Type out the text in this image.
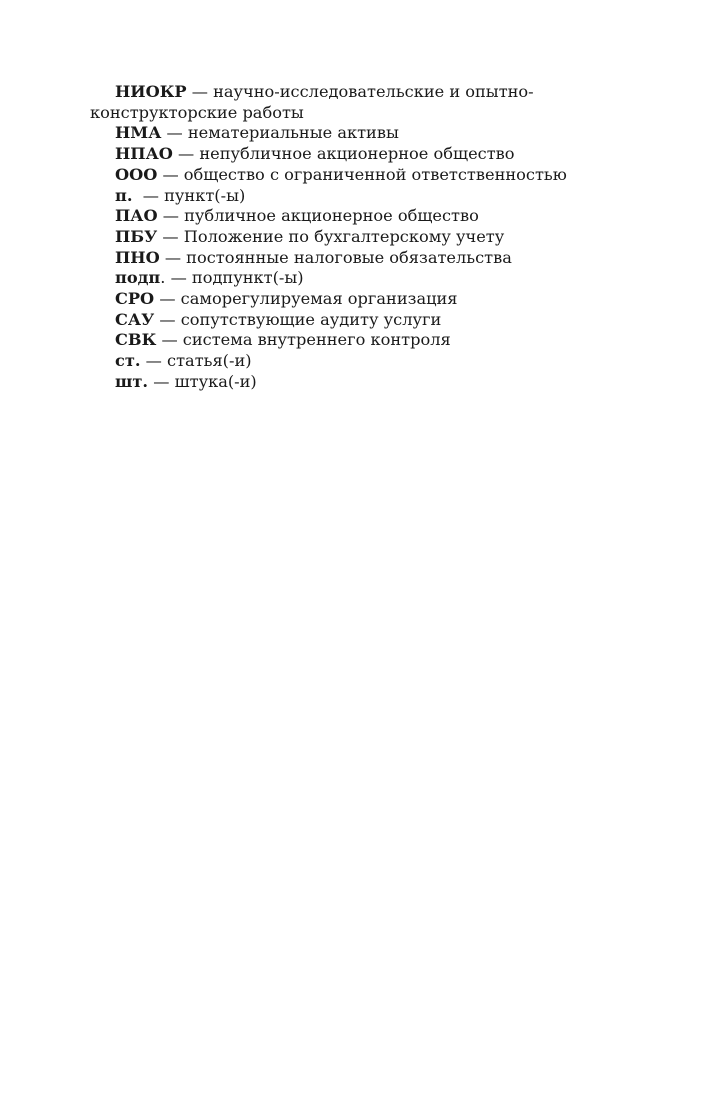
НИОКР — научно-исследовательские и опытно-конструкторские работы

НМА — нематериальные активы

НПАО — непубличное акционерное общество

ООО — общество с ограниченной ответственностью

п.  — пункт(-ы)

ПАО — публичное акционерное общество

ПБУ — Положение по бухгалтерскому учету

ПНО — постоянные налоговые обязательства

подп. — подпункт(-ы)

СРО — саморегулируемая организация

САУ — сопутствующие аудиту услуги

СВК — система внутреннего контроля

ст. — статья(-и)

шт. — штука(-и)
